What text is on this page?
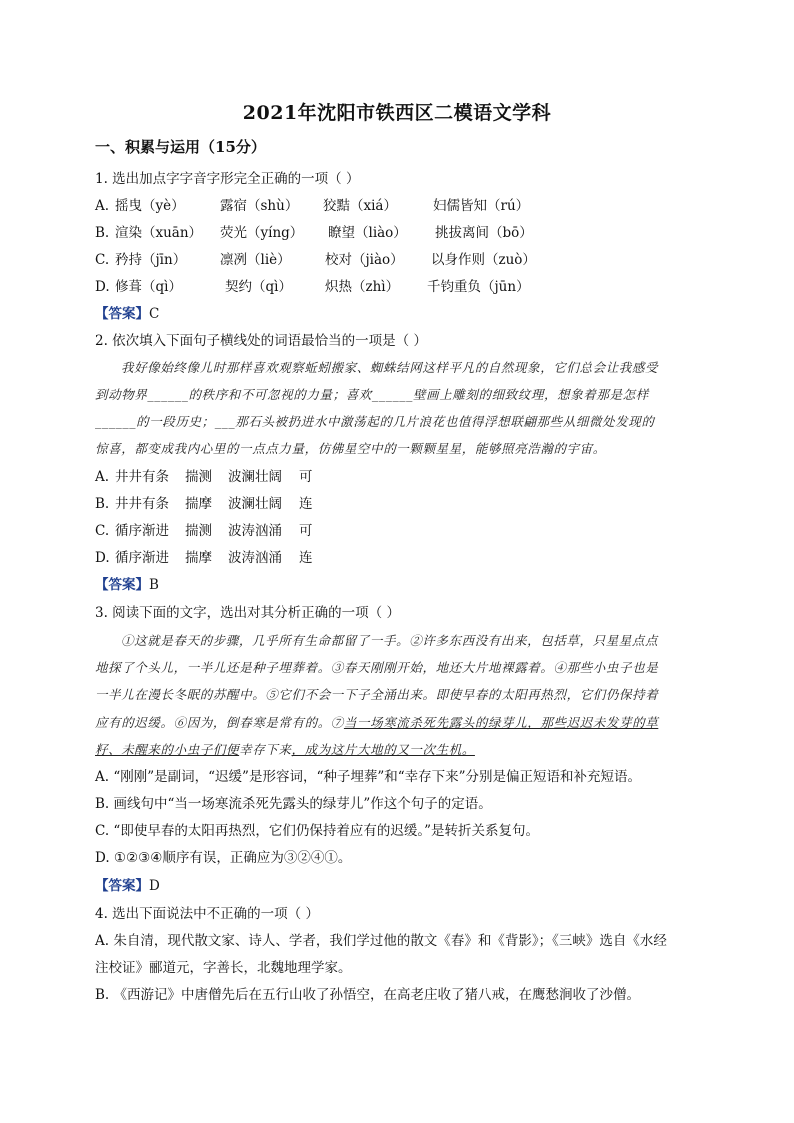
2021年沈阳市铁西区二模语文学科
一、积累与运用（15分）
1. 选出加点字字音字形完全正确的一项（ ）
A. 摇曳（yè）	露宿（shù） 狡黠（xiá）	妇儒皆知（rú）
B. 渲染（xuān） 荧光（yíng） 瞭望（liào） 挑拔离间（bō）
C. 矜持（jīn）	凛冽（liè）	校对（jiào） 以身作则（zuò）
D. 修葺（qì）	契约（qì） 炽热（zhì） 千钧重负（jūn）
【答案】C
2. 依次填入下面句子横线处的词语最恰当的一项是（ ）
我好像始终像儿时那样喜欢观察蚯蚓搬家、蜘蛛结网这样平凡的自然现象，它们总会让我感受
到动物界______的秩序和不可忽视的力量；喜欢______壁画上雕刻的细致纹理，想象着那是怎样
______的一段历史；___那石头被扔进水中激荡起的几片浪花也值得浮想联翩那些从细微处发现的
惊喜，都变成我内心里的一点点力量，仿佛星空中的一颗颗星星，能够照亮浩瀚的宇宙。
A. 井井有条 揣测 波澜壮阔 可
B. 井井有条 揣摩 波澜壮阔 连
C. 循序渐进 揣测 波涛汹涌 可
D. 循序渐进 揣摩 波涛汹涌 连
【答案】B
3. 阅读下面的文字，选出对其分析正确的一项（ ）
①这就是春天的步骤，几乎所有生命都留了一手。②许多东西没有出来，包括草，只星星点点
地探了个头儿，一半儿还是种子埋葬着。③春天刚刚开始，地还大片地裸露着。④那些小虫子也是
一半儿在漫长冬眠的苏醒中。⑤它们不会一下子全涌出来。即使早春的太阳再热烈，它们仍保持着
应有的迟缓。⑥因为，倒春寒是常有的。⑦当一场寒流杀死先露头的绿芽儿，那些迟迟未发芽的草
籽、未醒来的小虫子们便幸存下来，成为这片大地的又一次生机。
A. “刚刚”是副词，“迟缓”是形容词，“种子埋葬”和“幸存下来”分别是偏正短语和补充短语。
B. 画线句中“当一场寒流杀死先露头的绿芽儿”作这个句子的定语。
C. “即使早春的太阳再热烈，它们仍保持着应有的迟缓。”是转折关系复句。
D. ①②③④顺序有误，正确应为③②④①。
【答案】D
4. 选出下面说法中不正确的一项（ ）
A. 朱自清，现代散文家、诗人、学者，我们学过他的散文《春》和《背影》；《三峡》选自《水经
注校证》郦道元，字善长，北魏地理学家。
B. 《西游记》中唐僧先后在五行山收了孙悟空，在高老庄收了猪八戒，在鹰愁涧收了沙僧。
